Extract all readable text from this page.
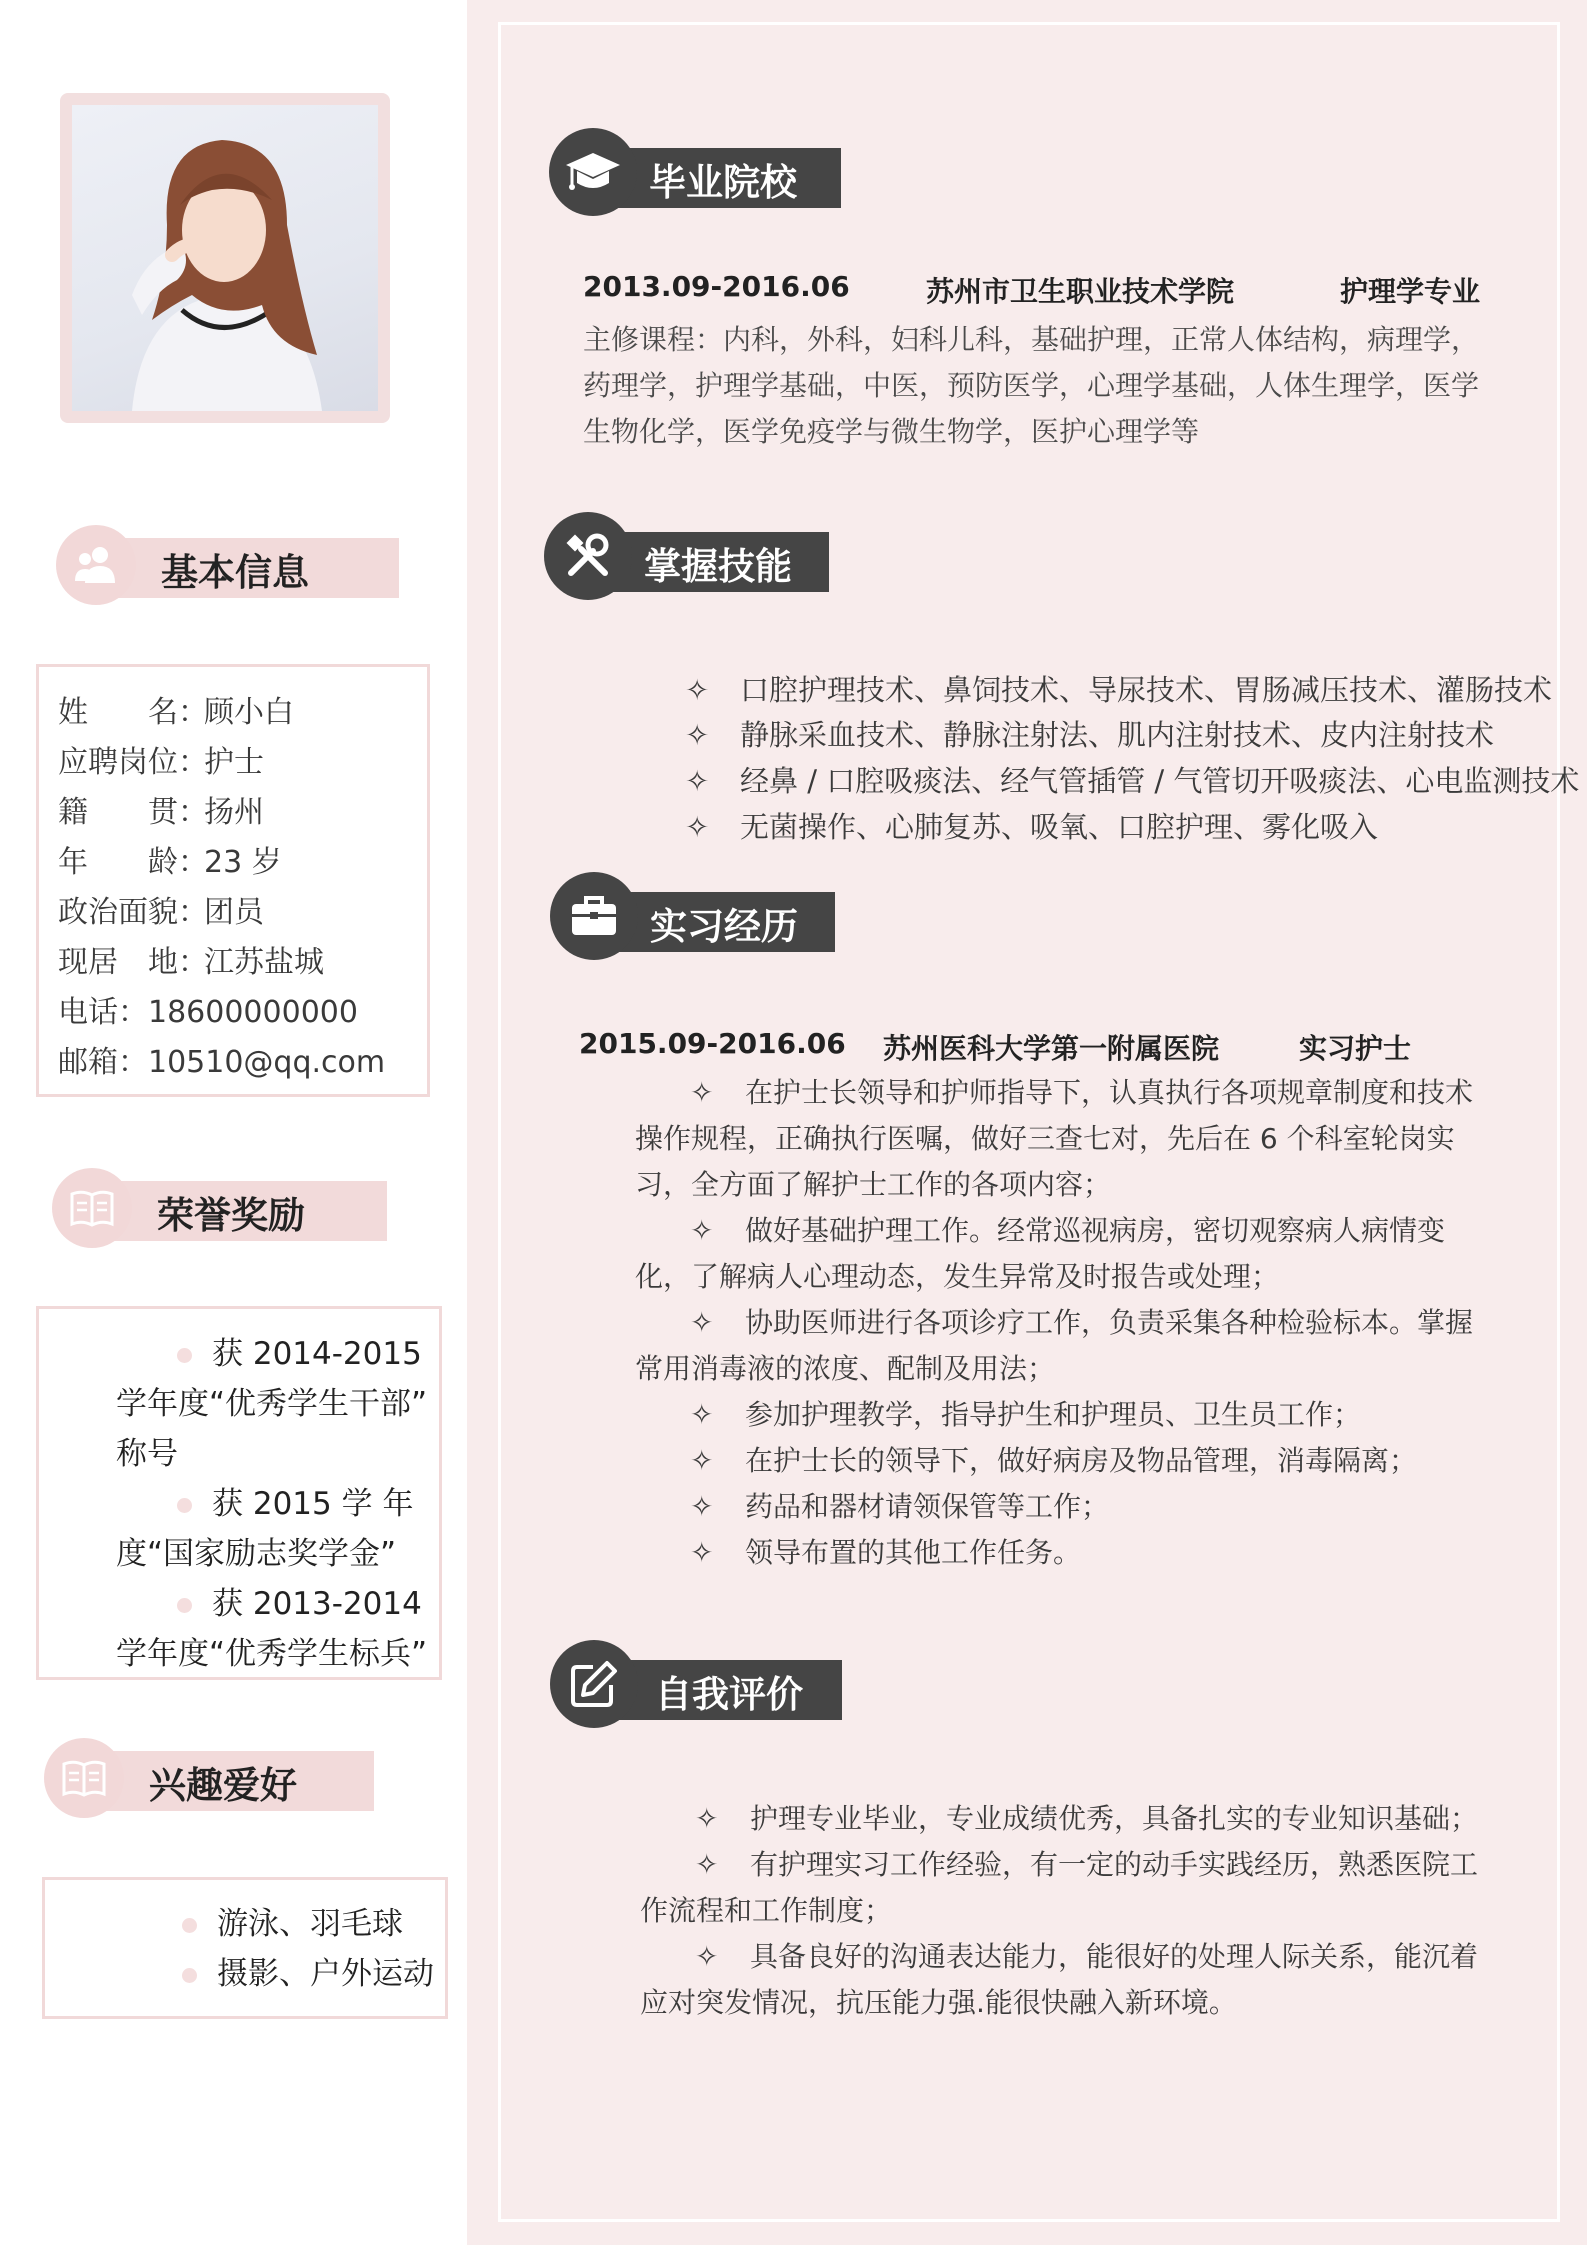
基本信息
姓　　名：顾小白
应聘岗位：护士
籍　　贯：扬州
年　　龄：23 岁
政治面貌：团员
现居　地：江苏盐城
电话：18600000000
邮箱：10510@qq.com
荣誉奖励
获 2014-2015
学年度“优秀学生干部”
称号
获 2015 学 年
度“国家励志奖学金”
获 2013-2014
学年度“优秀学生标兵”
兴趣爱好
游泳、羽毛球
摄影、户外运动
毕业院校
2013.09-2016.06	苏州市卫生职业技术学院	护理学专业
主修课程：内科，外科，妇科儿科，基础护理，正常人体结构，病理学，药理学，护理学基础，中医，预防医学，心理学基础，人体生理学，医学生物化学，医学免疫学与微生物学，医护心理学等
掌握技能
✧ 口腔护理技术、鼻饲技术、导尿技术、胃肠减压技术、灌肠技术
✧ 静脉采血技术、静脉注射法、肌内注射技术、皮内注射技术
✧ 经鼻 / 口腔吸痰法、经气管插管 / 气管切开吸痰法、心电监测技术
✧ 无菌操作、心肺复苏、吸氧、口腔护理、雾化吸入
实习经历
2015.09-2016.06 苏州医科大学第一附属医院	实习护士
✧ 在护士长领导和护师指导下，认真执行各项规章制度和技术操作规程，正确执行医嘱，做好三查七对，先后在 6 个科室轮岗实习，全方面了解护士工作的各项内容；
✧ 做好基础护理工作。经常巡视病房，密切观察病人病情变化，了解病人心理动态，发生异常及时报告或处理；
✧ 协助医师进行各项诊疗工作，负责采集各种检验标本。掌握常用消毒液的浓度、配制及用法；
✧ 参加护理教学，指导护生和护理员、卫生员工作；
✧ 在护士长的领导下，做好病房及物品管理，消毒隔离；
✧ 药品和器材请领保管等工作；
✧ 领导布置的其他工作任务。
自我评价
✧ 护理专业毕业，专业成绩优秀，具备扎实的专业知识基础；
✧ 有护理实习工作经验，有一定的动手实践经历，熟悉医院工作流程和工作制度；
✧ 具备良好的沟通表达能力，能很好的处理人际关系，能沉着应对突发情况，抗压能力强.能很快融入新环境。
